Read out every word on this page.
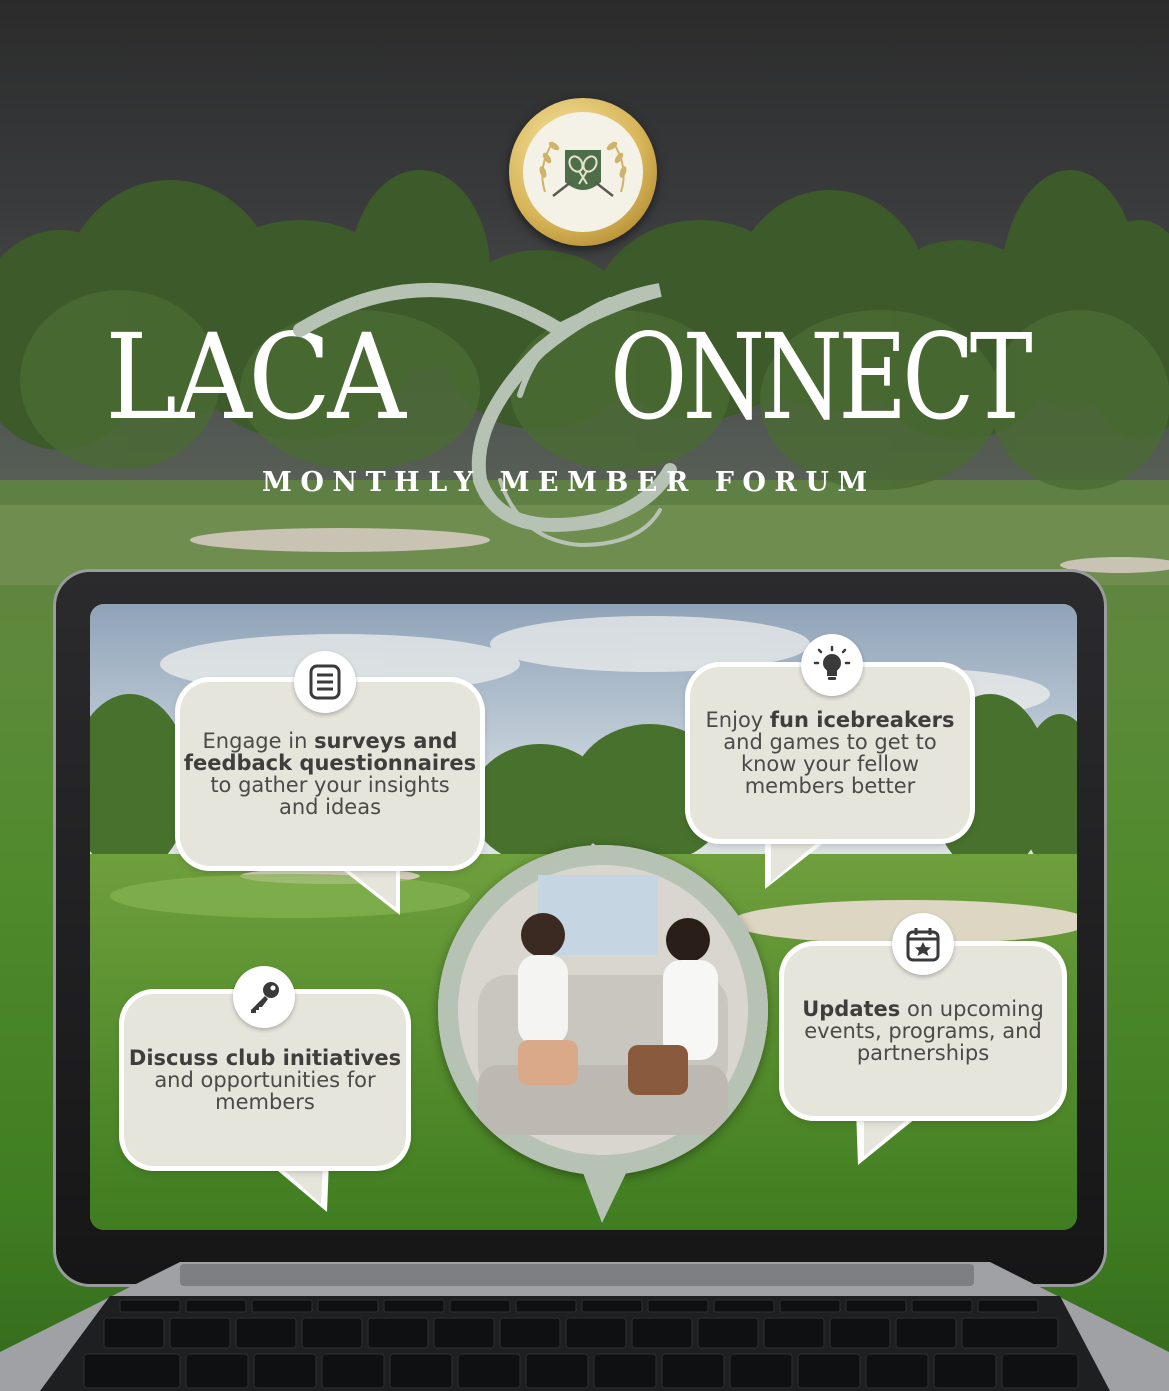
LACA ONNECT
MONTHLY MEMBER FORUM
Engage in surveys and
feedback questionnaires
to gather your insights
and ideas
Enjoy fun icebreakers
and games to get to
know your fellow
members better
Discuss club initiatives
and opportunities for
members
Updates on upcoming
events, programs, and
partnerships
